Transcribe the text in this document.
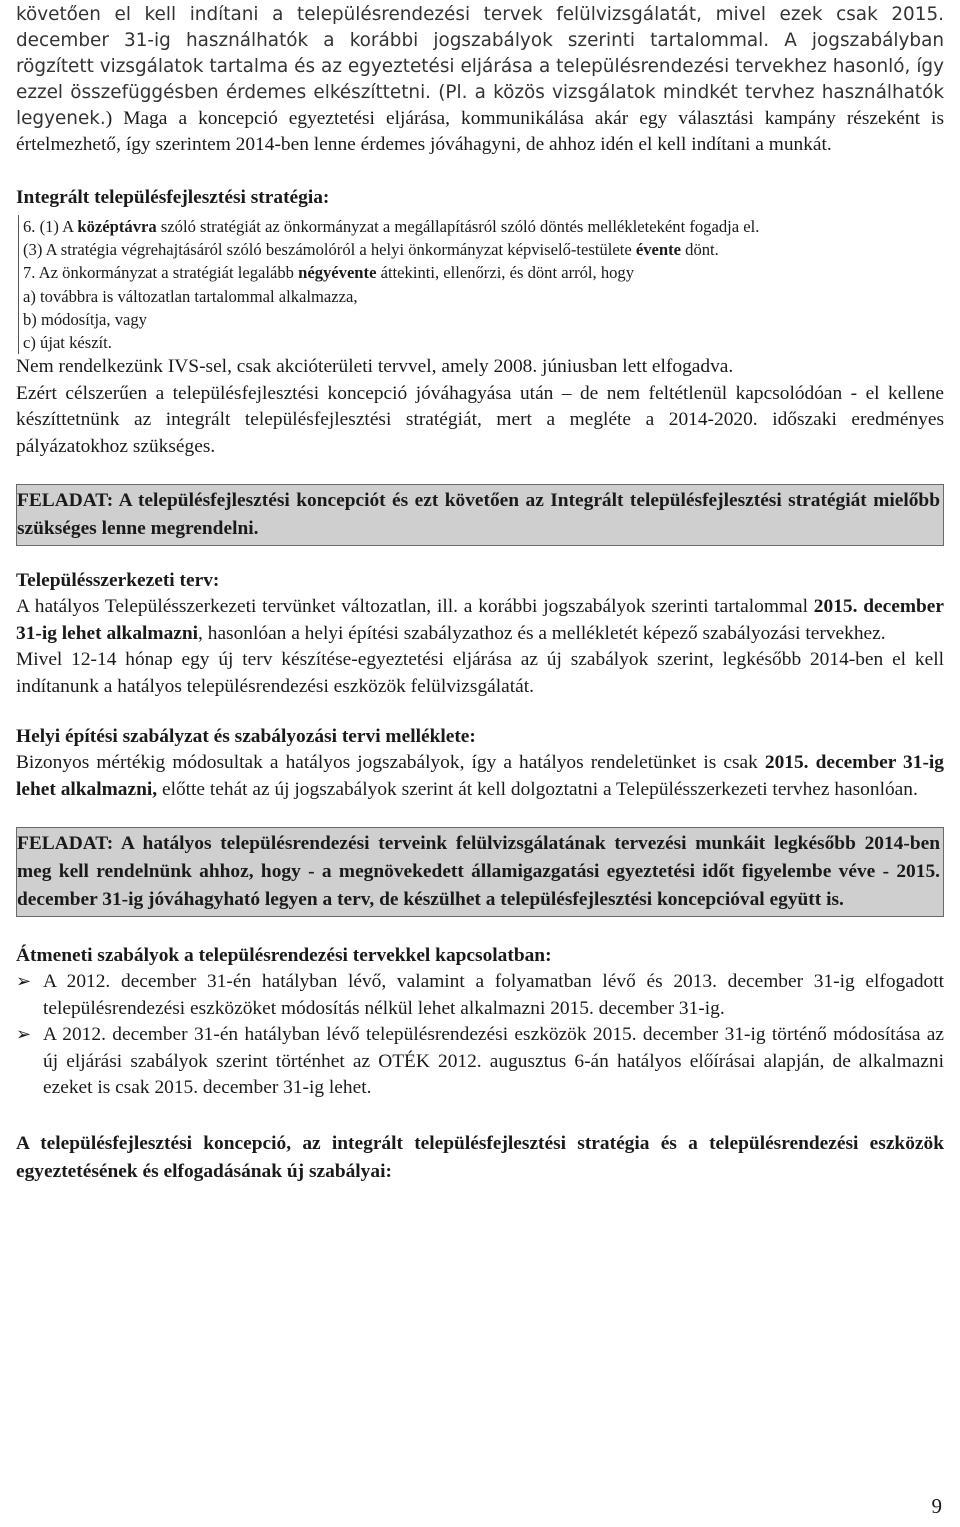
követően el kell indítani a településrendezési tervek felülvizsgálatát, mivel ezek csak 2015. december 31-ig használhatók a korábbi jogszabályok szerinti tartalommal. A jogszabályban rögzített vizsgálatok tartalma és az egyeztetési eljárása a településrendezési tervekhez hasonló, így ezzel összefüggésben érdemes elkészíttetni. (Pl. a közös vizsgálatok mindkét tervhez használhatók legyenek.) Maga a koncepció egyeztetési eljárása, kommunikálása akár egy választási kampány részeként is értelmezhető, így szerintem 2014-ben lenne érdemes jóváhagyni, de ahhoz idén el kell indítani a munkát.

Integrált településfejlesztési stratégia:

6. (1) A középtávra szóló stratégiát az önkormányzat a megállapításról szóló döntés mellékleteként fogadja el.

(3) A stratégia végrehajtásáról szóló beszámolóról a helyi önkormányzat képviselő-testülete évente dönt.

7. Az önkormányzat a stratégiát legalább négyévente áttekinti, ellenőrzi, és dönt arról, hogy

a) továbbra is változatlan tartalommal alkalmazza,

b) módosítja, vagy

c) újat készít.

Nem rendelkezünk IVS-sel, csak akcióterületi tervvel, amely 2008. júniusban lett elfogadva.

Ezért célszerűen a településfejlesztési koncepció jóváhagyása után – de nem feltétlenül kapcsolódóan - el kellene készíttetnünk az integrált településfejlesztési stratégiát, mert a megléte a 2014-2020. időszaki eredményes pályázatokhoz szükséges.

FELADAT: A településfejlesztési koncepciót és ezt követően az Integrált településfejlesztési stratégiát mielőbb szükséges lenne megrendelni.

Településszerkezeti terv:

A hatályos Településszerkezeti tervünket változatlan, ill. a korábbi jogszabályok szerinti tartalommal 2015. december 31-ig lehet alkalmazni, hasonlóan a helyi építési szabályzathoz és a mellékletét képező szabályozási tervekhez.

Mivel 12-14 hónap egy új terv készítése-egyeztetési eljárása az új szabályok szerint, legkésőbb 2014-ben el kell indítanunk a hatályos településrendezési eszközök felülvizsgálatát.

Helyi építési szabályzat és szabályozási tervi melléklete:

Bizonyos mértékig módosultak a hatályos jogszabályok, így a hatályos rendeletünket is csak 2015. december 31-ig lehet alkalmazni, előtte tehát az új jogszabályok szerint át kell dolgoztatni a Településszerkezeti tervhez hasonlóan.

FELADAT: A hatályos településrendezési terveink felülvizsgálatának tervezési munkáit legkésőbb 2014-ben meg kell rendelnünk ahhoz, hogy - a megnövekedett államigazgatási egyeztetési időt figyelembe véve - 2015. december 31-ig jóváhagyható legyen a terv, de készülhet a településfejlesztési koncepcióval együtt is.

Átmeneti szabályok a településrendezési tervekkel kapcsolatban:

➢ A 2012. december 31-én hatályban lévő, valamint a folyamatban lévő és 2013. december 31-ig elfogadott településrendezési eszközöket módosítás nélkül lehet alkalmazni 2015. december 31-ig.
➢ A 2012. december 31-én hatályban lévő településrendezési eszközök 2015. december 31-ig történő módosítása az új eljárási szabályok szerint történhet az OTÉK 2012. augusztus 6-án hatályos előírásai alapján, de alkalmazni ezeket is csak 2015. december 31-ig lehet.

A településfejlesztési koncepció, az integrált településfejlesztési stratégia és a településrendezési eszközök egyeztetésének és elfogadásának új szabályai:

9
